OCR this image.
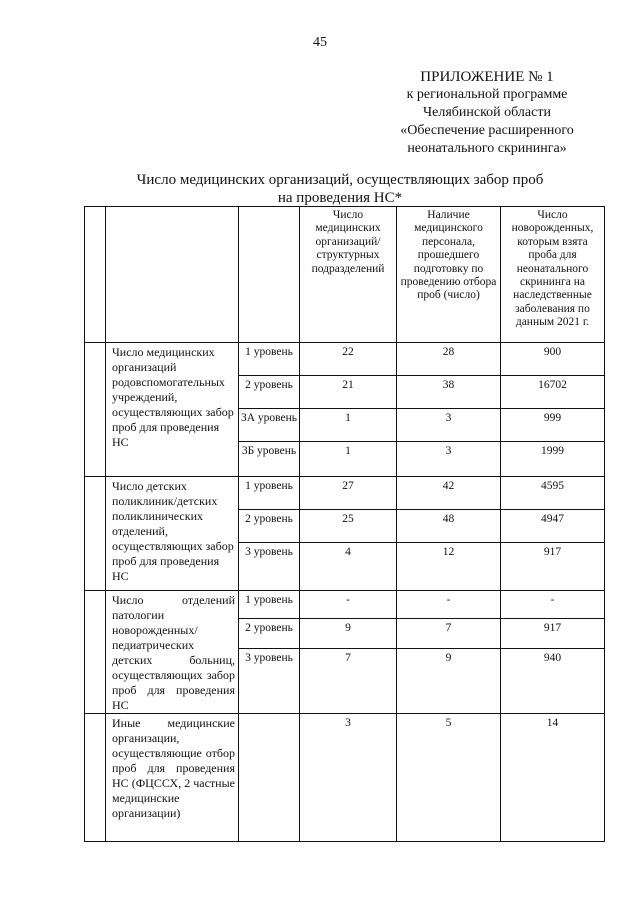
45
ПРИЛОЖЕНИЕ № 1
к региональной программе
Челябинской области
«Обеспечение расширенного
неонатального скрининга»
Число медицинских организаций, осуществляющих забор проб
на проведения НС*
			Число медицинских организаций/ структурных подразделений	Наличие медицинского персонала, прошедшего подготовку по проведению отбора проб (число)	Число новорожденных, которым взята проба для неонатального скрининга на наследственные заболевания по данным 2021 г.
	Число медицинских организаций родовспомогательных учреждений, осуществляющих забор проб для проведения НС	1 уровень	22	28	900
		2 уровень	21	38	16702
		3А уровень	1	3	999
		3Б уровень	1	3	1999
	Число детских поликлиник/детских поликлинических отделений, осуществляющих забор проб для проведения НС	1 уровень	27	42	4595
		2 уровень	25	48	4947
		3 уровень	4	12	917
	Число отделений патологии новорожденных/педиатрических детских больниц, осуществляющих забор проб для проведения НС	1 уровень	-	-	-
		2 уровень	9	7	917
		3 уровень	7	9	940
	Иные медицинские организации, осуществляющие отбор проб для проведения НС (ФЦССХ, 2 частные медицинские организации)		3	5	14
